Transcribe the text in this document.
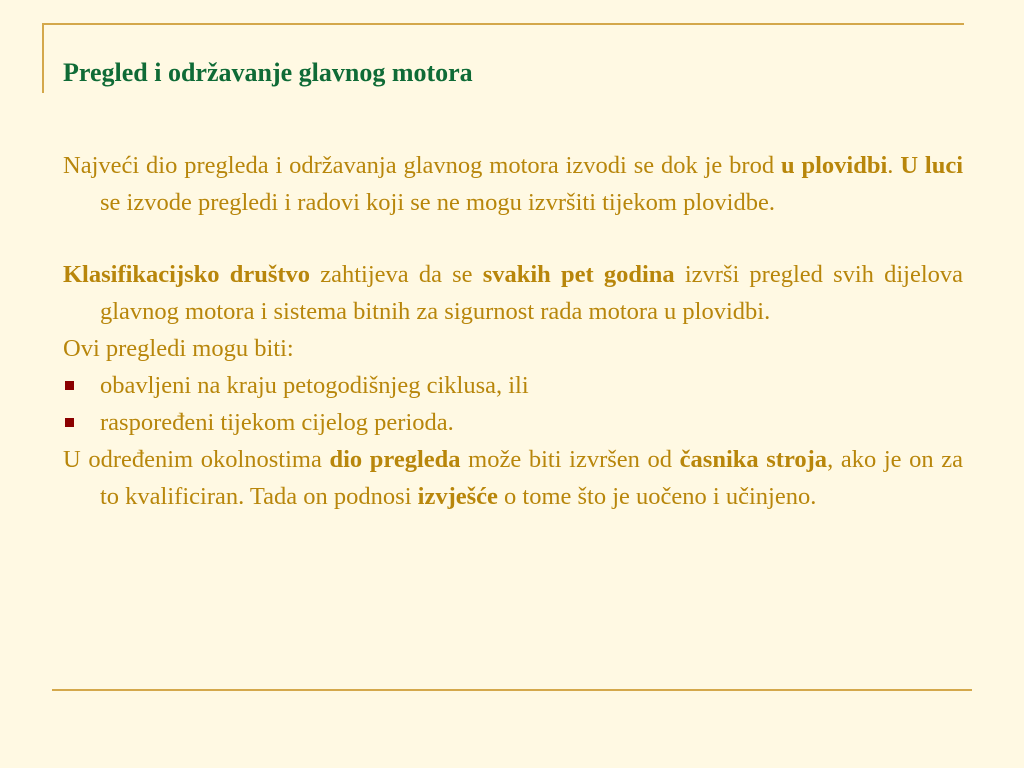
Pregled i održavanje glavnog motora

Najveći dio pregleda i održavanja glavnog motora izvodi se dok je brod u plovidbi. U luci se izvode pregledi i radovi koji se ne mogu izvršiti tijekom plovidbe.

Klasifikacijsko društvo zahtijeva da se svakih pet godina izvrši pregled svih dijelova glavnog motora i sistema bitnih za sigurnost rada motora u plovidbi.

Ovi pregledi mogu biti:

obavljeni na kraju petogodišnjeg ciklusa, ili

raspoređeni tijekom cijelog perioda.

U određenim okolnostima dio pregleda može biti izvršen od časnika stroja, ako je on za to kvalificiran. Tada on podnosi izvješće o tome što je uočeno i učinjeno.
